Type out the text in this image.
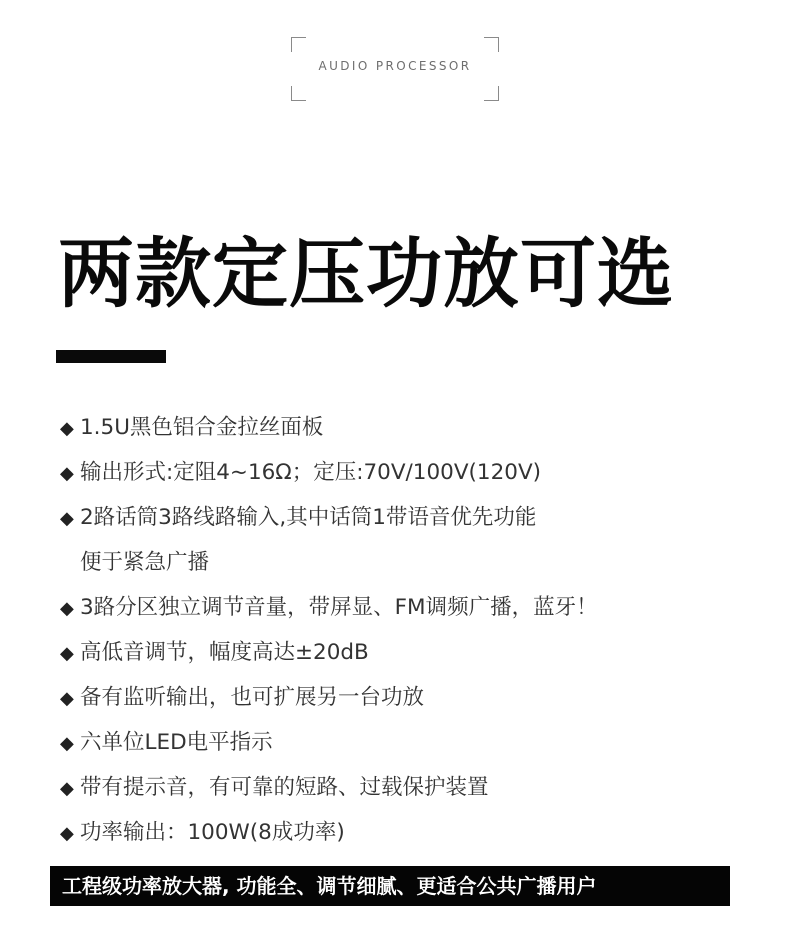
AUDIO PROCESSOR
两款定压功放可选
◆ 1.5U黑色铝合金拉丝面板
◆ 输出形式:定阻4~16Ω；定压:70V/100V(120V)
◆ 2路话筒3路线路输入,其中话筒1带语音优先功能
便于紧急广播
◆ 3路分区独立调节音量，带屏显、FM调频广播，蓝牙！
◆ 高低音调节，幅度高达±20dB
◆ 备有监听输出，也可扩展另一台功放
◆ 六单位LED电平指示
◆ 带有提示音，有可靠的短路、过载保护装置
◆ 功率输出：100W(8成功率)
工程级功率放大器, 功能全、调节细腻、更适合公共广播用户
